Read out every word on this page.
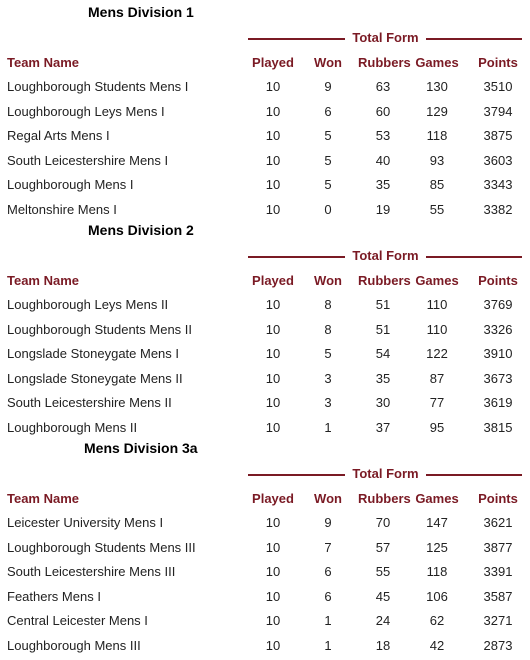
Mens Division 1
Total Form
Team Name	Played	Won	Rubbers	Games	Points
Loughborough Students Mens I	10	9	63	130	3510
Loughborough Leys Mens I	10	6	60	129	3794
Regal Arts Mens I	10	5	53	118	3875
South Leicestershire Mens I	10	5	40	93	3603
Loughborough Mens I	10	5	35	85	3343
Meltonshire Mens I	10	0	19	55	3382
Mens Division 2
Total Form
Team Name	Played	Won	Rubbers	Games	Points
Loughborough Leys Mens II	10	8	51	110	3769
Loughborough Students Mens II	10	8	51	110	3326
Longslade Stoneygate Mens I	10	5	54	122	3910
Longslade Stoneygate Mens II	10	3	35	87	3673
South Leicestershire Mens II	10	3	30	77	3619
Loughborough Mens II	10	1	37	95	3815
Mens Division 3a
Total Form
Team Name	Played	Won	Rubbers	Games	Points
Leicester University Mens I	10	9	70	147	3621
Loughborough Students Mens III	10	7	57	125	3877
South Leicestershire Mens III	10	6	55	118	3391
Feathers Mens I	10	6	45	106	3587
Central Leicester Mens I	10	1	24	62	3271
Loughborough Mens III	10	1	18	42	2873
